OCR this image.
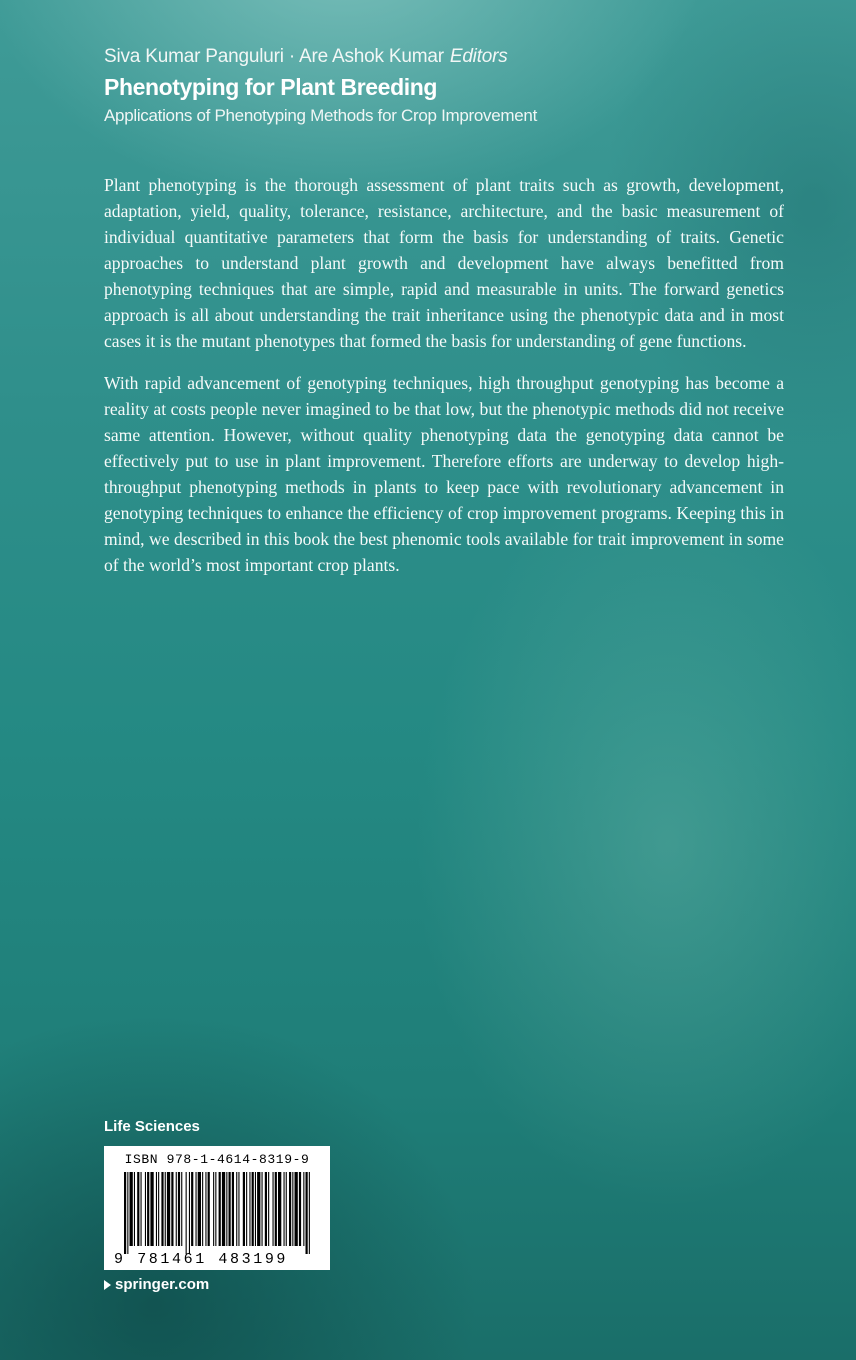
Siva Kumar Panguluri · Are Ashok Kumar Editors
Phenotyping for Plant Breeding
Applications of Phenotyping Methods for Crop Improvement

Plant phenotyping is the thorough assessment of plant traits such as growth, development, adaptation, yield, quality, tolerance, resistance, architecture, and the basic measurement of individual quantitative parameters that form the basis for understanding of traits. Genetic approaches to understand plant growth and development have always benefitted from phenotyping techniques that are simple, rapid and measurable in units. The forward genetics approach is all about understanding the trait inheritance using the phenotypic data and in most cases it is the mutant phenotypes that formed the basis for understanding of gene functions.

With rapid advancement of genotyping techniques, high throughput genotyping has become a reality at costs people never imagined to be that low, but the phenotypic methods did not receive same attention. However, without quality phenotyping data the genotyping data cannot be effectively put to use in plant improvement. Therefore efforts are underway to develop high-throughput phenotyping methods in plants to keep pace with revolutionary advancement in genotyping techniques to enhance the efficiency of crop improvement programs. Keeping this in mind, we described in this book the best phenomic tools available for trait improvement in some of the world’s most important crop plants.

Life Sciences
ISBN 978-1-4614-8319-9
9 781461 483199
springer.com
